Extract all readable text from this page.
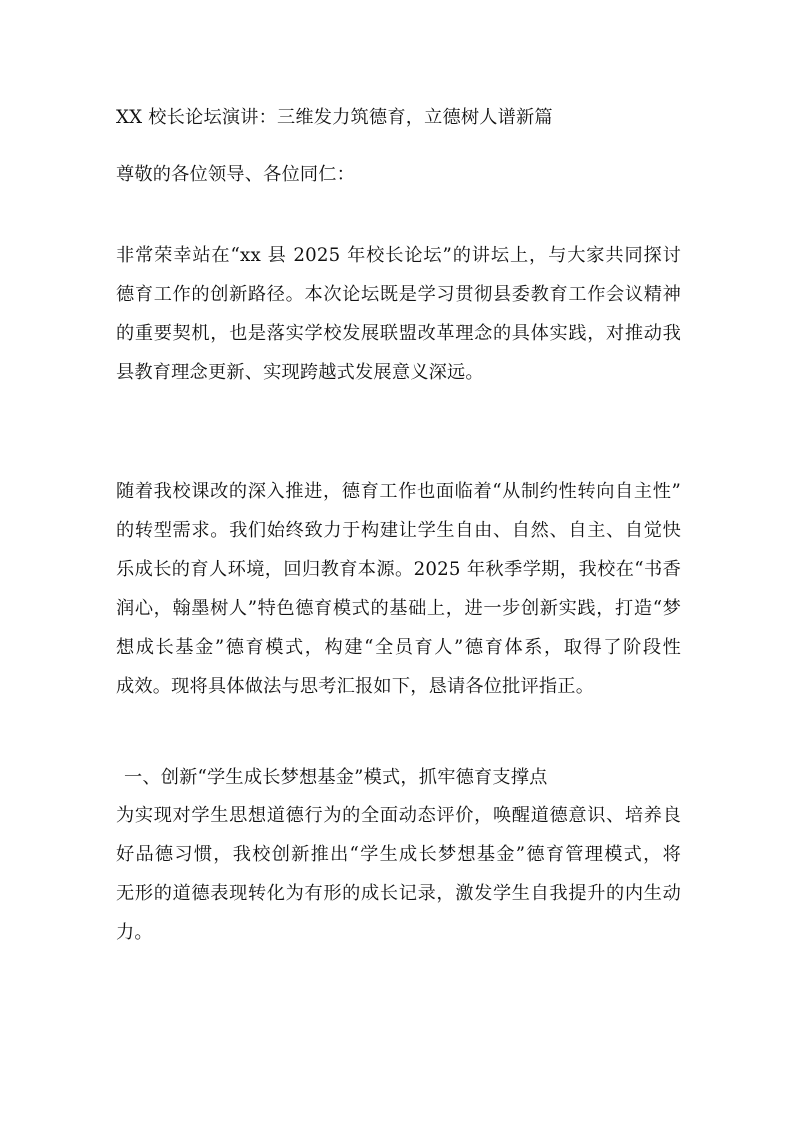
XX 校长论坛演讲：三维发力筑德育，立德树人谱新篇
尊敬的各位领导、各位同仁：
非常荣幸站在“xx 县 2025 年校长论坛”的讲坛上，与大家共同探讨
德育工作的创新路径。本次论坛既是学习贯彻县委教育工作会议精神
的重要契机，也是落实学校发展联盟改革理念的具体实践，对推动我
县教育理念更新、实现跨越式发展意义深远。
随着我校课改的深入推进，德育工作也面临着“从制约性转向自主性”
的转型需求。我们始终致力于构建让学生自由、自然、自主、自觉快
乐成长的育人环境，回归教育本源。2025 年秋季学期，我校在“书香
润心，翰墨树人”特色德育模式的基础上，进一步创新实践，打造“梦
想成长基金”德育模式，构建“全员育人”德育体系，取得了阶段性
成效。现将具体做法与思考汇报如下，恳请各位批评指正。
一、创新“学生成长梦想基金”模式，抓牢德育支撑点
为实现对学生思想道德行为的全面动态评价，唤醒道德意识、培养良
好品德习惯，我校创新推出“学生成长梦想基金”德育管理模式，将
无形的道德表现转化为有形的成长记录，激发学生自我提升的内生动
力。
